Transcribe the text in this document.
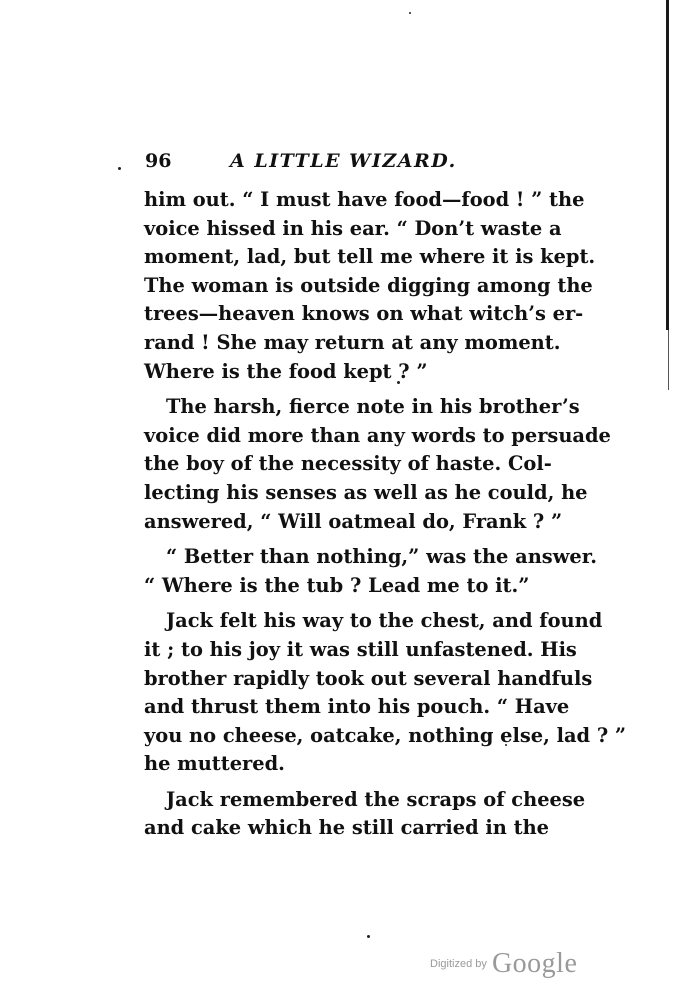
96	A LITTLE WIZARD.
him out. “ I must have food—food ! ” the
voice hissed in his ear. “ Don’t waste a
moment, lad, but tell me where it is kept.
The woman is outside digging among the
trees—heaven knows on what witch’s er-
rand ! She may return at any moment.
Where is the food kept ? ”
The harsh, fierce note in his brother’s
voice did more than any words to persuade
the boy of the necessity of haste. Col-
lecting his senses as well as he could, he
answered, “ Will oatmeal do, Frank ? ”
“ Better than nothing,” was the answer.
“ Where is the tub ? Lead me to it.”
Jack felt his way to the chest, and found
it ; to his joy it was still unfastened. His
brother rapidly took out several handfuls
and thrust them into his pouch. “ Have
you no cheese, oatcake, nothing else, lad ? ”
he muttered.
Jack remembered the scraps of cheese
and cake which he still carried in the
Digitized by Google
